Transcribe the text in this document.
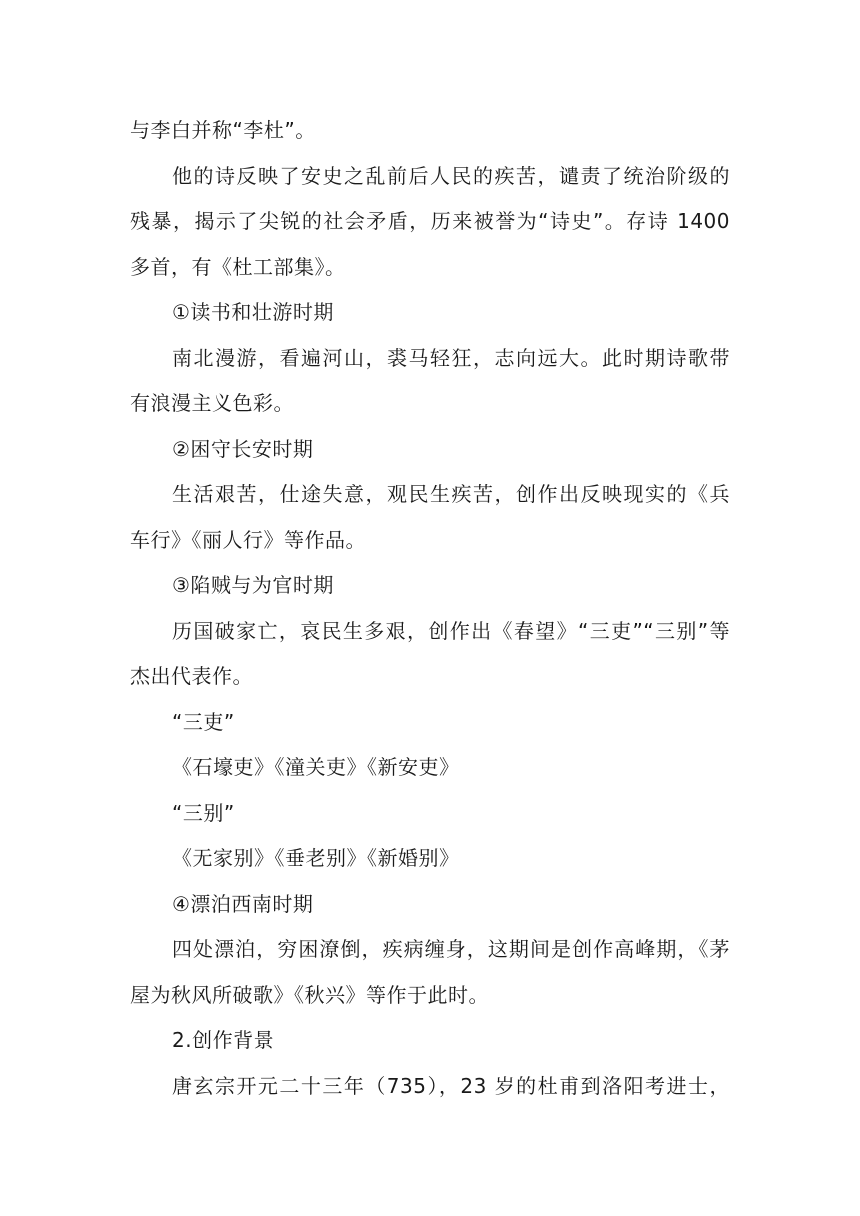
与李白并称“李杜”。
他的诗反映了安史之乱前后人民的疾苦，谴责了统治阶级的
残暴，揭示了尖锐的社会矛盾，历来被誉为“诗史”。存诗 1400
多首，有《杜工部集》。
①读书和壮游时期
南北漫游，看遍河山，裘马轻狂，志向远大。此时期诗歌带
有浪漫主义色彩。
②困守长安时期
生活艰苦，仕途失意，观民生疾苦，创作出反映现实的《兵
车行》《丽人行》等作品。
③陷贼与为官时期
历国破家亡，哀民生多艰，创作出《春望》“三吏”“三别”等
杰出代表作。
“三吏”
《石壕吏》《潼关吏》《新安吏》
“三别”
《无家别》《垂老别》《新婚别》
④漂泊西南时期
四处漂泊，穷困潦倒，疾病缠身，这期间是创作高峰期，《茅
屋为秋风所破歌》《秋兴》等作于此时。
2.创作背景
唐玄宗开元二十三年（735），23 岁的杜甫到洛阳考进士，
